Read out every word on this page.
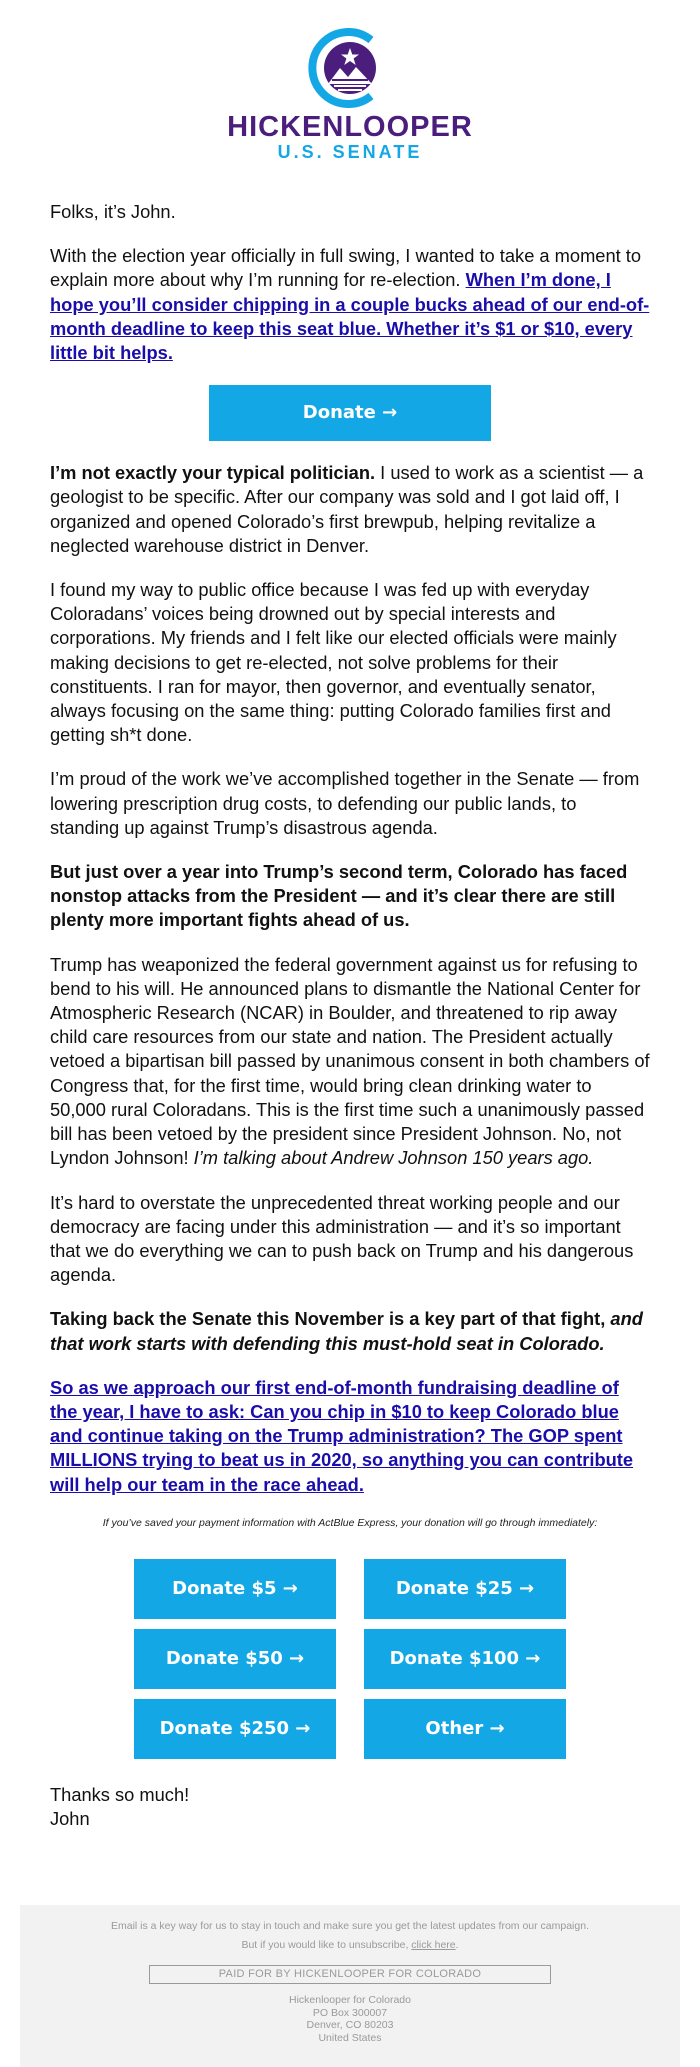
HICKENLOOPER
U.S. SENATE

Folks, it’s John.

With the election year officially in full swing, I wanted to take a moment to explain more about why I’m running for re-election. When I’m done, I hope you’ll consider chipping in a couple bucks ahead of our end-of-month deadline to keep this seat blue. Whether it’s $1 or $10, every little bit helps.

Donate →

I’m not exactly your typical politician. I used to work as a scientist — a geologist to be specific. After our company was sold and I got laid off, I organized and opened Colorado’s first brewpub, helping revitalize a neglected warehouse district in Denver.

I found my way to public office because I was fed up with everyday Coloradans’ voices being drowned out by special interests and corporations. My friends and I felt like our elected officials were mainly making decisions to get re-elected, not solve problems for their constituents. I ran for mayor, then governor, and eventually senator, always focusing on the same thing: putting Colorado families first and getting sh*t done.

I’m proud of the work we’ve accomplished together in the Senate — from lowering prescription drug costs, to defending our public lands, to standing up against Trump’s disastrous agenda.

But just over a year into Trump’s second term, Colorado has faced nonstop attacks from the President — and it’s clear there are still plenty more important fights ahead of us.

Trump has weaponized the federal government against us for refusing to bend to his will. He announced plans to dismantle the National Center for Atmospheric Research (NCAR) in Boulder, and threatened to rip away child care resources from our state and nation. The President actually vetoed a bipartisan bill passed by unanimous consent in both chambers of Congress that, for the first time, would bring clean drinking water to 50,000 rural Coloradans. This is the first time such a unanimously passed bill has been vetoed by the president since President Johnson. No, not Lyndon Johnson! I’m talking about Andrew Johnson 150 years ago.

It’s hard to overstate the unprecedented threat working people and our democracy are facing under this administration — and it’s so important that we do everything we can to push back on Trump and his dangerous agenda.

Taking back the Senate this November is a key part of that fight, and that work starts with defending this must-hold seat in Colorado.

So as we approach our first end-of-month fundraising deadline of the year, I have to ask: Can you chip in $10 to keep Colorado blue and continue taking on the Trump administration? The GOP spent MILLIONS trying to beat us in 2020, so anything you can contribute will help our team in the race ahead.

If you’ve saved your payment information with ActBlue Express, your donation will go through immediately:
Donate $5 →	Donate $25 →
Donate $50 →	Donate $100 →
Donate $250 →	Other →
Thanks so much!
John
Email is a key way for us to stay in touch and make sure you get the latest updates from our campaign.
But if you would like to unsubscribe, click here.
PAID FOR BY HICKENLOOPER FOR COLORADO
Hickenlooper for Colorado
PO Box 300007
Denver, CO 80203
United States
